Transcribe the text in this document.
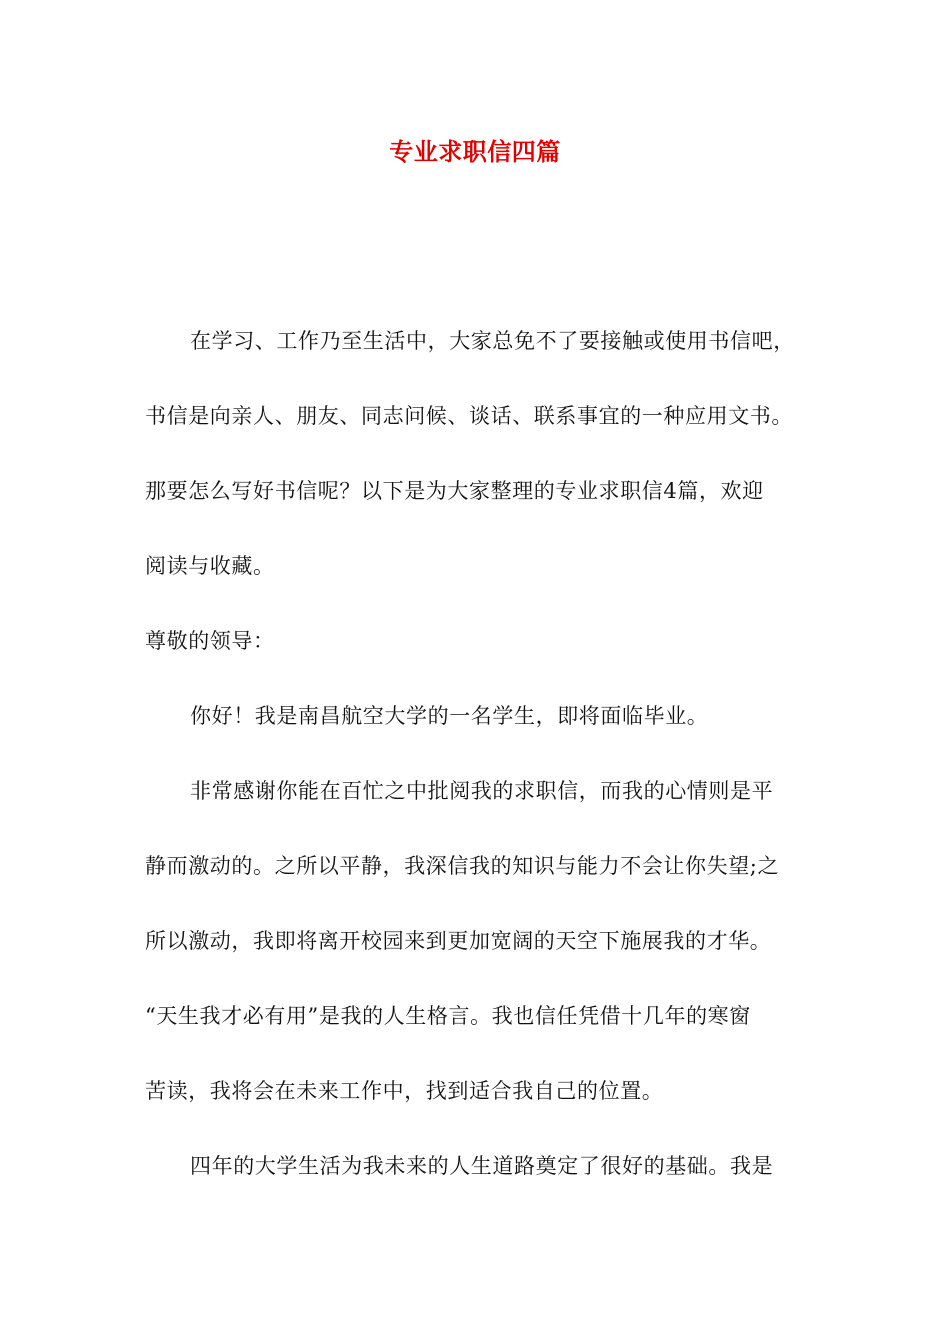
专业求职信四篇

在学习、工作乃至生活中，大家总免不了要接触或使用书信吧，

书信是向亲人、朋友、同志问候、谈话、联系事宜的一种应用文书。

那要怎么写好书信呢？以下是为大家整理的专业求职信4篇，欢迎

阅读与收藏。

尊敬的领导：

你好！我是南昌航空大学的一名学生，即将面临毕业。

非常感谢你能在百忙之中批阅我的求职信，而我的心情则是平

静而激动的。之所以平静，我深信我的知识与能力不会让你失望;之

所以激动，我即将离开校园来到更加宽阔的天空下施展我的才华。

“天生我才必有用”是我的人生格言。我也信任凭借十几年的寒窗

苦读，我将会在未来工作中，找到适合我自己的位置。

四年的大学生活为我未来的人生道路奠定了很好的基础。我是
